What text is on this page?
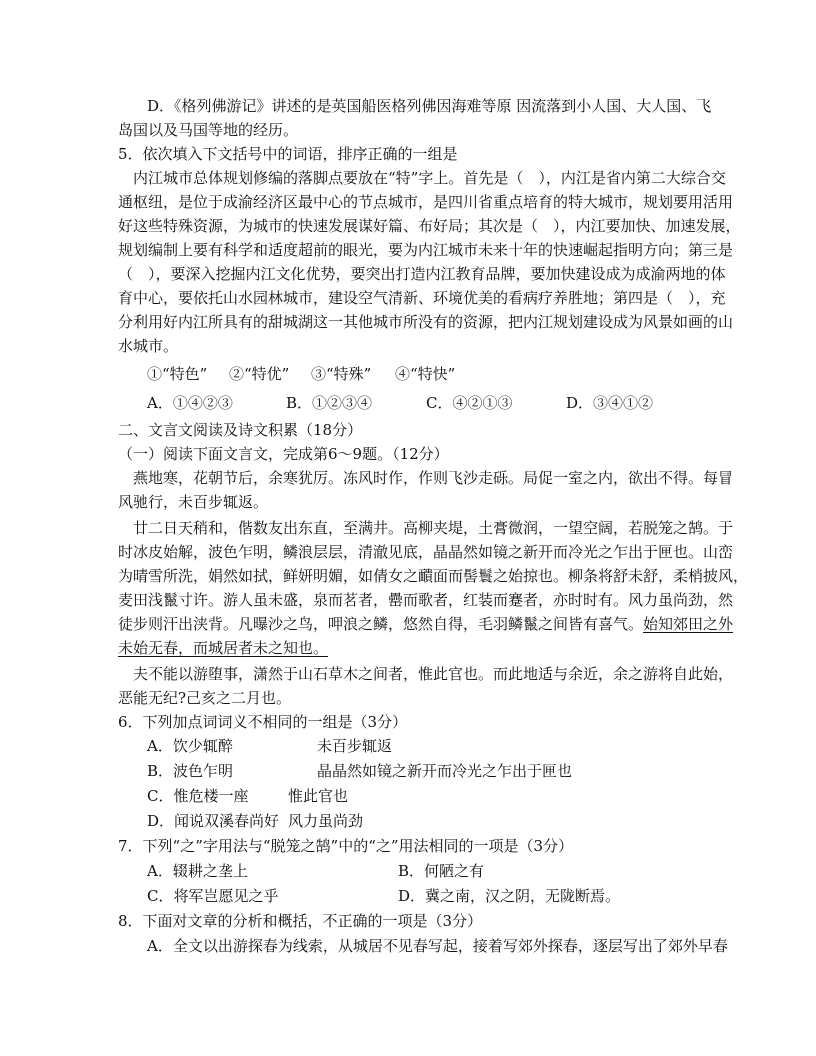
D．《格列佛游记》讲述的是英国船医格列佛因海难等原 因流落到小人国、大人国、飞
岛国以及马国等地的经历。
5．依次填入下文括号中的词语，排序正确的一组是
内江城市总体规划修编的落脚点要放在“特”字上。首先是（　），内江是省内第二大综合交
通枢纽，是位于成渝经济区最中心的节点城市，是四川省重点培育的特大城市，规划要用活用
好这些特殊资源，为城市的快速发展谋好篇、布好局；其次是（　），内江要加快、加速发展，
规划编制上要有科学和适度超前的眼光，要为内江城市未来十年的快速崛起指明方向；第三是
（　），要深入挖掘内江文化优势，要突出打造内江教育品牌，要加快建设成为成渝两地的体
育中心，要依托山水园林城市，建设空气清新、环境优美的看病疗养胜地；第四是（　），充
分利用好内江所具有的甜城湖这一其他城市所没有的资源，把内江规划建设成为风景如画的山
水城市。
①“特色” ②“特优” ③“特殊” ④“特快”
A．①④②③	B．①②③④	C．④②①③	D．③④①②
二、文言文阅读及诗文积累（18分）
（一）阅读下面文言文，完成第6～9题。（12分）
燕地寒，花朝节后，余寒犹厉。冻风时作，作则飞沙走砾。局促一室之内，欲出不得。每冒
风驰行，未百步辄返。
廿二日天稍和，偕数友出东直，至满井。高柳夹堤，土膏微润，一望空阔，若脱笼之鹄。于
时冰皮始解，波色乍明，鳞浪层层，清澈见底，晶晶然如镜之新开而冷光之乍出于匣也。山峦
为晴雪所洗，娟然如拭，鲜妍明媚，如倩女之靧面而髻鬟之始掠也。柳条将舒未舒，柔梢披风，
麦田浅鬣寸许。游人虽未盛，泉而茗者，罍而歌者，红装而蹇者，亦时时有。风力虽尚劲，然
徒步则汗出浃背。凡曝沙之鸟，呷浪之鳞，悠然自得，毛羽鳞鬣之间皆有喜气。始知郊田之外
未始无春，而城居者未之知也。
夫不能以游堕事，潇然于山石草木之间者，惟此官也。而此地适与余近，余之游将自此始，
恶能无纪?己亥之二月也。
6．下列加点词词义不相同的一组是（3分）
A．饮少辄醉	未百步辄返
B．波色乍明	晶晶然如镜之新开而冷光之乍出于匣也
C．惟危楼一座	惟此官也
D．闻说双溪春尚好 风力虽尚劲
7．下列“之”字用法与“脱笼之鹄”中的“之”用法相同的一项是（3分）
A．辍耕之垄上	B．何陋之有
C．将军岂愿见之乎	D．冀之南，汉之阴，无陇断焉。
8．下面对文章的分析和概括，不正确的一项是（3分）
A．全文以出游探春为线索，从城居不见春写起，接着写郊外探春，逐层写出了郊外早春
